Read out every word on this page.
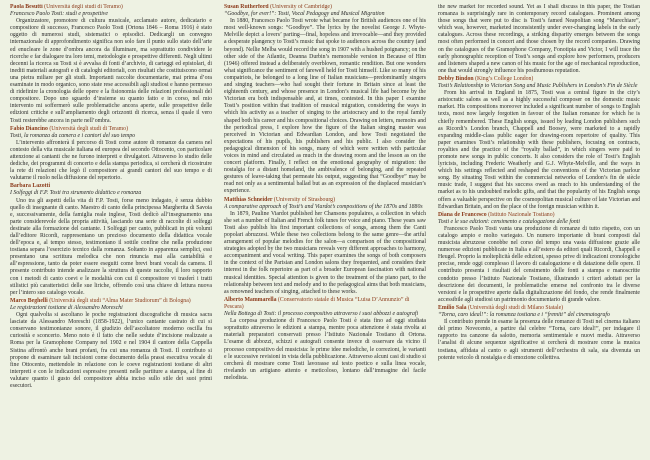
Paola Besutti (Università degli studi di Teramo)
Francesco Paolo Tosti: studi e prospettive

Organizzatore, promotore di cultura musicale, acclamato autore, dedicatario e compositore di successo, Francesco Paolo Tosti (Ortona 1846 – Roma 1916) è stato oggetto di numerosi studi, sistematici o episodici. Dedicargli un convegno internazionale di approfondimento significa non solo fare il punto sullo stato dell’arte ed enucleare le zone d’ombra ancora da illuminare, ma soprattutto condividere le ricerche e far dialogare tra loro temi, metodologie e prospettive differenti. Negli ultimi decenni la ricerca su Tosti si è avvalsa di fonti d’archivio, di carteggi ed epistolari, di inediti materiali autografi e di cataloghi editoriali, con risultati che costituiscono ormai una pietra miliare per gli studi. Importanti raccolte documentarie, mai prima d’ora esaminate in modo organico, sono state rese accessibili agli studiosi e hanno permesso di ridefinire la cronologia delle opere e la fisionomia delle relazioni professionali del compositore. Dopo uno sguardo d’insieme su quanto fatto e in corso, nel mio intervento mi soffermerò sulle problematiche ancora aperte, sulle prospettive delle edizioni critiche e sull’ampliamento degli orizzonti di ricerca, senza il quale il vero Tosti resterebbe ancora in parte nell’ombra.

Fabio Diancino (Università degli studi di Teramo)
Tosti, la romanza da camera e i cantori del suo tempo

L’intervento affronterà il percorso di Tosti come autore di romanze da camera nel contesto della vita musicale italiana ed europea del secondo Ottocento, con particolare attenzione ai cantanti che ne furono interpreti e divulgatori. Attraverso lo studio delle dediche, dei programmi di concerto e della stampa periodica, si cercherà di ricostruire la rete di relazioni che legò il compositore ai grandi cantori del suo tempo e di valutarne il ruolo nella diffusione del repertorio.

Barbara Lazotti
I Solfeggi di F.P. Tosti tra strumento didattico e romanza

Uno tra gli aspetti della vita di F.P. Tosti, forse meno indagato, è senza dubbio quello di insegnante di canto. Maestro di canto della principessa Margherita di Savoia e, successivamente, della famiglia reale inglese, Tosti dedicò all’insegnamento una parte considerevole della propria attività, lasciando una serie di raccolte di solfeggi destinate alla formazione del cantante. I Solfeggi per canto, pubblicati in più volumi dall’editore Ricordi, rappresentano un prezioso documento della didattica vocale dell’epoca e, al tempo stesso, testimoniano il sottile confine che nella produzione tostiana separa l’esercizio tecnico dalla romanza. Soltanto in apparenza semplici, essi presentano una scrittura melodica che non rinuncia mai alla cantabilità e all’espressione, tanto da poter essere eseguiti come brevi brani vocali da camera. Il presente contributo intende analizzare la struttura di queste raccolte, il loro rapporto con i metodi di canto coevi e le modalità con cui il compositore vi trasferì i tratti stilistici più caratteristici delle sue liriche, offrendo così una chiave di lettura nuova per l’intero suo catalogo vocale.

Marco Beghelli (Università degli studi “Alma Mater Studiorum” di Bologna)
Le registrazioni tostiane di Alessandro Moreschi

Ogni qualvolta si ascoltano le poche registrazioni discografiche di musica sacra lasciate da Alessandro Moreschi (1858-1922), l’unico cantante castrato di cui si conservano testimonianze sonore, il giudizio dell’ascoltatore moderno oscilla fra curiosità e sconcerto. Meno noto è il fatto che nelle sedute d’incisione realizzate a Roma per la Gramophone Company nel 1902 e nel 1904 il cantore della Cappella Sistina affrontò anche brani profani, fra cui una romanza di Tosti. Il contributo si propone di esaminare tali incisioni come documento della prassi esecutiva vocale di fine Ottocento, mettendole in relazione con le coeve registrazioni tostiane di altri interpreti e con le indicazioni espressive presenti nelle partiture a stampa, al fine di valutare quanto il gusto del compositore abbia inciso sullo stile dei suoi primi esecutori.

Susan Rutherford (University of Cambridge)
“Goodbye, for ever!”: Tosti, Vocal Pedagogy and Musical Migration

In 1880, Francesco Paolo Tosti wrote what became for British audiences one of his most well-known songs: “Goodbye”. The lyrics by the novelist George J. Whyte-Melville depict a lovers’ parting—final, hopeless and irrevocable—and they provided a desperate plangency to Tosti’s music that spoke to audiences across the country (and beyond). Nellie Melba would record the song in 1907 with a hushed poignancy; on the other side of the Atlantic, Deanna Durbin’s memorable version in Because of Him (1946) offered instead a deliberately overblown, romantic rendition. But one wonders what significance the sentiment of farewell held for Tosti himself. Like so many of his compatriots, he belonged to a long line of Italian musicians—predominantly singers and singing teachers—who had sought their fortune in Britain since at least the eighteenth century, and whose presence in London’s musical life had become by the Victorian era both indispensable and, at times, contested. In this paper I examine Tosti’s position within that tradition of musical migration, considering the ways in which his activity as a teacher of singing to the aristocracy and to the royal family shaped both his career and his compositional choices. Drawing on letters, memoirs and the periodical press, I explore how the figure of the Italian singing master was perceived in Victorian and Edwardian London, and how Tosti negotiated the expectations of his pupils, his publishers and his public. I also consider the pedagogical dimension of his songs, many of which were written with particular voices in mind and circulated as much in the drawing room and the lesson as on the concert platform. Finally, I reflect on the emotional geography of migration: the nostalgia for a distant homeland, the ambivalence of belonging, and the repeated gestures of leave-taking that permeate his output, suggesting that “Goodbye” may be read not only as a sentimental ballad but as an expression of the displaced musician’s experience.

Matthias Schneider (University of Strasbourg)
A comparative approach of Tosti’s and Viardot’s compositions of the 1870s and 1880s

In 1879, Pauline Viardot published her Chansons populaires, a collection in which she set a number of Italian and French folk tunes for voice and piano. These years saw Tosti also publish his first important collections of songs, among them the Canti popolari abruzzesi. While these two collections belong to the same genre—the artful arrangement of popular melodies for the salon—a comparison of the compositional strategies adopted by the two musicians reveals very different approaches to harmony, accompaniment and vocal writing. This paper examines the songs of both composers in the context of the Parisian and London salons they frequented, and considers their interest in the folk repertoire as part of a broader European fascination with national musical identities. Special attention is given to the treatment of the piano part, to the relationship between text and melody and to the pedagogical aims that both musicians, as renowned teachers of singing, attached to these works.

Alberto Mammarella (Conservatorio statale di Musica “Luisa D’Annunzio” di Pescara)
Nella Bottega di Tosti: il processo compositivo attraverso i suoi abbozzi e autografi

La corposa produzione di Francesco Paolo Tosti è stata fino ad oggi studiata soprattutto attraverso le edizioni a stampa, mentre poca attenzione è stata rivolta ai materiali preparatori conservati presso l’Istituto Nazionale Tostiano di Ortona. L’esame di abbozzi, schizzi e autografi consente invece di osservare da vicino il processo compositivo del musicista: le prime idee melodiche, le correzioni, le varianti e le successive revisioni in vista della pubblicazione. Attraverso alcuni casi di studio si cercherà di mostrare come Tosti lavorasse sul testo poetico e sulla linea vocale, rivelando un artigiano attento e meticoloso, lontano dall’immagine del facile melodista.

the new market for recorded sound. Yet as I shall discuss in this paper, the Tostian romanza is surprisingly rare in contemporary record catalogues. Prominent among those songs that were put to disc is Tosti’s famed Neapolitan song “Marechiare”, which was, however, marketed inconsistently under ever-changing labels in the early catalogues. Across these recordings, a striking disparity emerges between the songs most often performed in concert and those chosen by the record companies. Drawing on the catalogues of the Gramophone Company, Fonotipia and Victor, I will trace the early phonographic reception of Tosti’s songs and explore how performers, producers and listeners shaped a new canon of his music for the age of mechanical reproduction, one that would strongly influence his posthumous reputation.

Debby Bindon (King’s College London)
Tosti’s Relationship to Victorian Song and Music Publishers in London’s Fin de Siècle

From his arrival in England in 1875, Tosti was a central figure in the city’s aristocratic salons as well as a highly successful composer on the domestic music market. His compositions moreover included a significant number of songs to English texts, most now largely forgotten in favour of the Italian romanze for which he is chiefly remembered. These English songs, issued by leading London publishers such as Ricordi’s London branch, Chappell and Boosey, were marketed to a rapidly expanding middle-class public eager for drawing-room repertoire of quality. This paper examines Tosti’s relationship with these publishers, focusing on contracts, royalties and the practice of the “royalty ballad”, in which singers were paid to promote new songs in public concerts. It also considers the role of Tosti’s English lyricists, including Frederic Weatherly and G.J. Whyte-Melville, and the ways in which his settings reflected and reshaped the conventions of the Victorian parlour song. By situating Tosti within the commercial networks of London’s fin de siècle music trade, I suggest that his success owed as much to his understanding of the market as to his undoubted melodic gifts, and that the popularity of his English songs offers a valuable perspective on the cosmopolitan musical culture of late Victorian and Edwardian Britain, and on the place of the foreign musician within it.

Diana de Francesco (Istituto Nazionale Tostiano)
Tosti e le sue edizioni: censimento e catalogazione delle fonti

Francesco Paolo Tosti vanta una produzione di romanze di tutto rispetto, con un catalogo ampio e molto variegato. Un numero importante di brani composti dal musicista abruzzese conobbe nel corso del tempo una vasta diffusione grazie alle numerose edizioni pubblicate in Italia e all’estero da editori quali Ricordi, Chappell e Heugel. Proprio la molteplicità delle edizioni, spesso prive di indicazioni cronologiche precise, rende oggi complesso il lavoro di catalogazione e di datazione delle opere. Il contributo presenta i risultati del censimento delle fonti a stampa e manoscritte condotto presso l’Istituto Nazionale Tostiano, illustrando i criteri adottati per la descrizione dei documenti, le problematiche emerse nel confronto tra le diverse versioni e le prospettive aperte dalla digitalizzazione del fondo, che rende finalmente accessibile agli studiosi un patrimonio documentario di grande valore.

Emilio Sala (Università degli studi di Milano Statale)
“Torna, caro ideal!”: la romanza tostiana e i “fremiti” del cinematografo

Il contributo prende in esame la presenza delle romanze di Tosti nel cinema italiano del primo Novecento, a partire dal celebre “Torna, caro ideal!”, per indagare il rapporto tra canzone da salotto, memoria sentimentale e nuovi media. Attraverso l’analisi di alcune sequenze significative si cercherà di mostrare come la musica tostiana, affidata al canto o agli strumenti dell’orchestra di sala, sia divenuta un potente veicolo di nostalgia e di emozione collettiva.
